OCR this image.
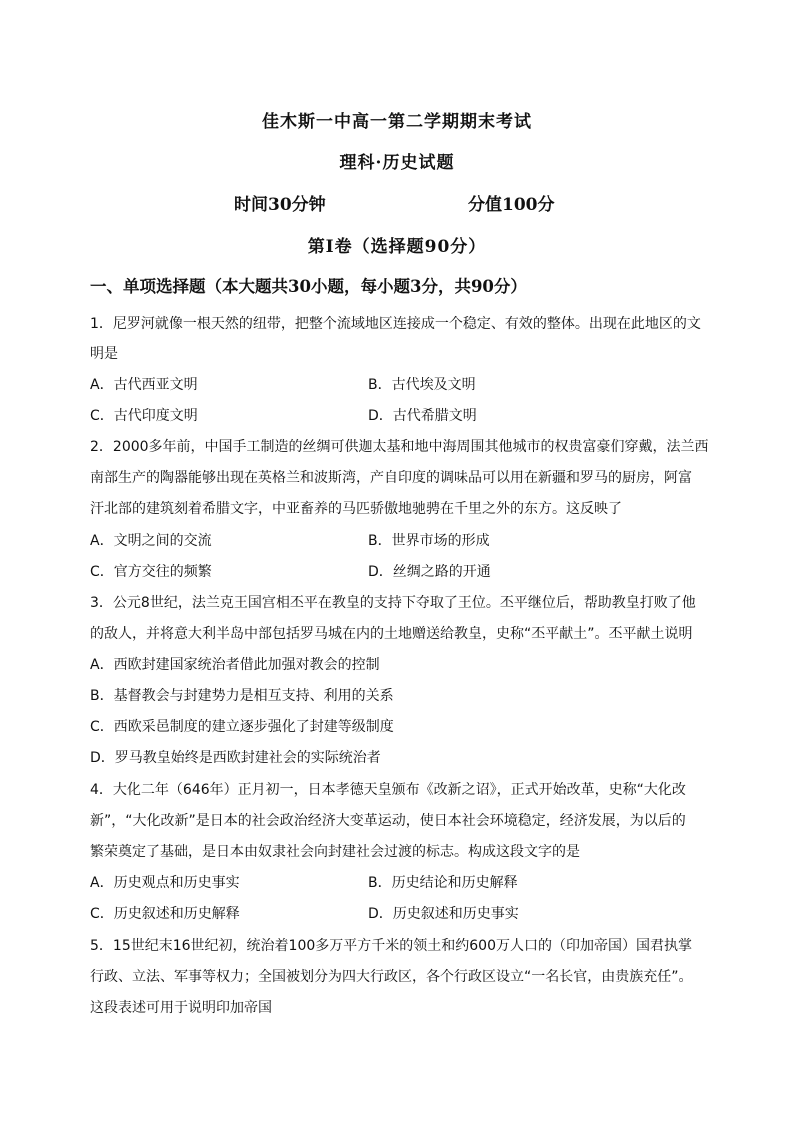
佳木斯一中高一第二学期期末考试
理科·历史试题
时间30分钟	分值100分
第Ⅰ卷（选择题90分）
一、单项选择题（本大题共30小题，每小题3分，共90分）
1．尼罗河就像一根天然的纽带，把整个流域地区连接成一个稳定、有效的整体。出现在此地区的文
明是
A．古代西亚文明	B．古代埃及文明
C．古代印度文明	D．古代希腊文明
2．2000多年前，中国手工制造的丝绸可供迦太基和地中海周围其他城市的权贵富豪们穿戴，法兰西
南部生产的陶器能够出现在英格兰和波斯湾，产自印度的调味品可以用在新疆和罗马的厨房，阿富
汗北部的建筑刻着希腊文字，中亚畜养的马匹骄傲地驰骋在千里之外的东方。这反映了
A．文明之间的交流	B．世界市场的形成
C．官方交往的频繁	D．丝绸之路的开通
3．公元8世纪，法兰克王国宫相丕平在教皇的支持下夺取了王位。丕平继位后，帮助教皇打败了他
的敌人，并将意大利半岛中部包括罗马城在内的土地赠送给教皇，史称“丕平献土”。丕平献土说明
A．西欧封建国家统治者借此加强对教会的控制
B．基督教会与封建势力是相互支持、利用的关系
C．西欧采邑制度的建立逐步强化了封建等级制度
D．罗马教皇始终是西欧封建社会的实际统治者
4．大化二年（646年）正月初一，日本孝德天皇颁布《改新之诏》，正式开始改革，史称“大化改
新”，“大化改新”是日本的社会政治经济大变革运动，使日本社会环境稳定，经济发展，为以后的
繁荣奠定了基础，是日本由奴隶社会向封建社会过渡的标志。构成这段文字的是
A．历史观点和历史事实	B．历史结论和历史解释
C．历史叙述和历史解释	D．历史叙述和历史事实
5．15世纪末16世纪初，统治着100多万平方千米的领土和约600万人口的（印加帝国）国君执掌
行政、立法、军事等权力；全国被划分为四大行政区，各个行政区设立“一名长官，由贵族充任”。
这段表述可用于说明印加帝国
